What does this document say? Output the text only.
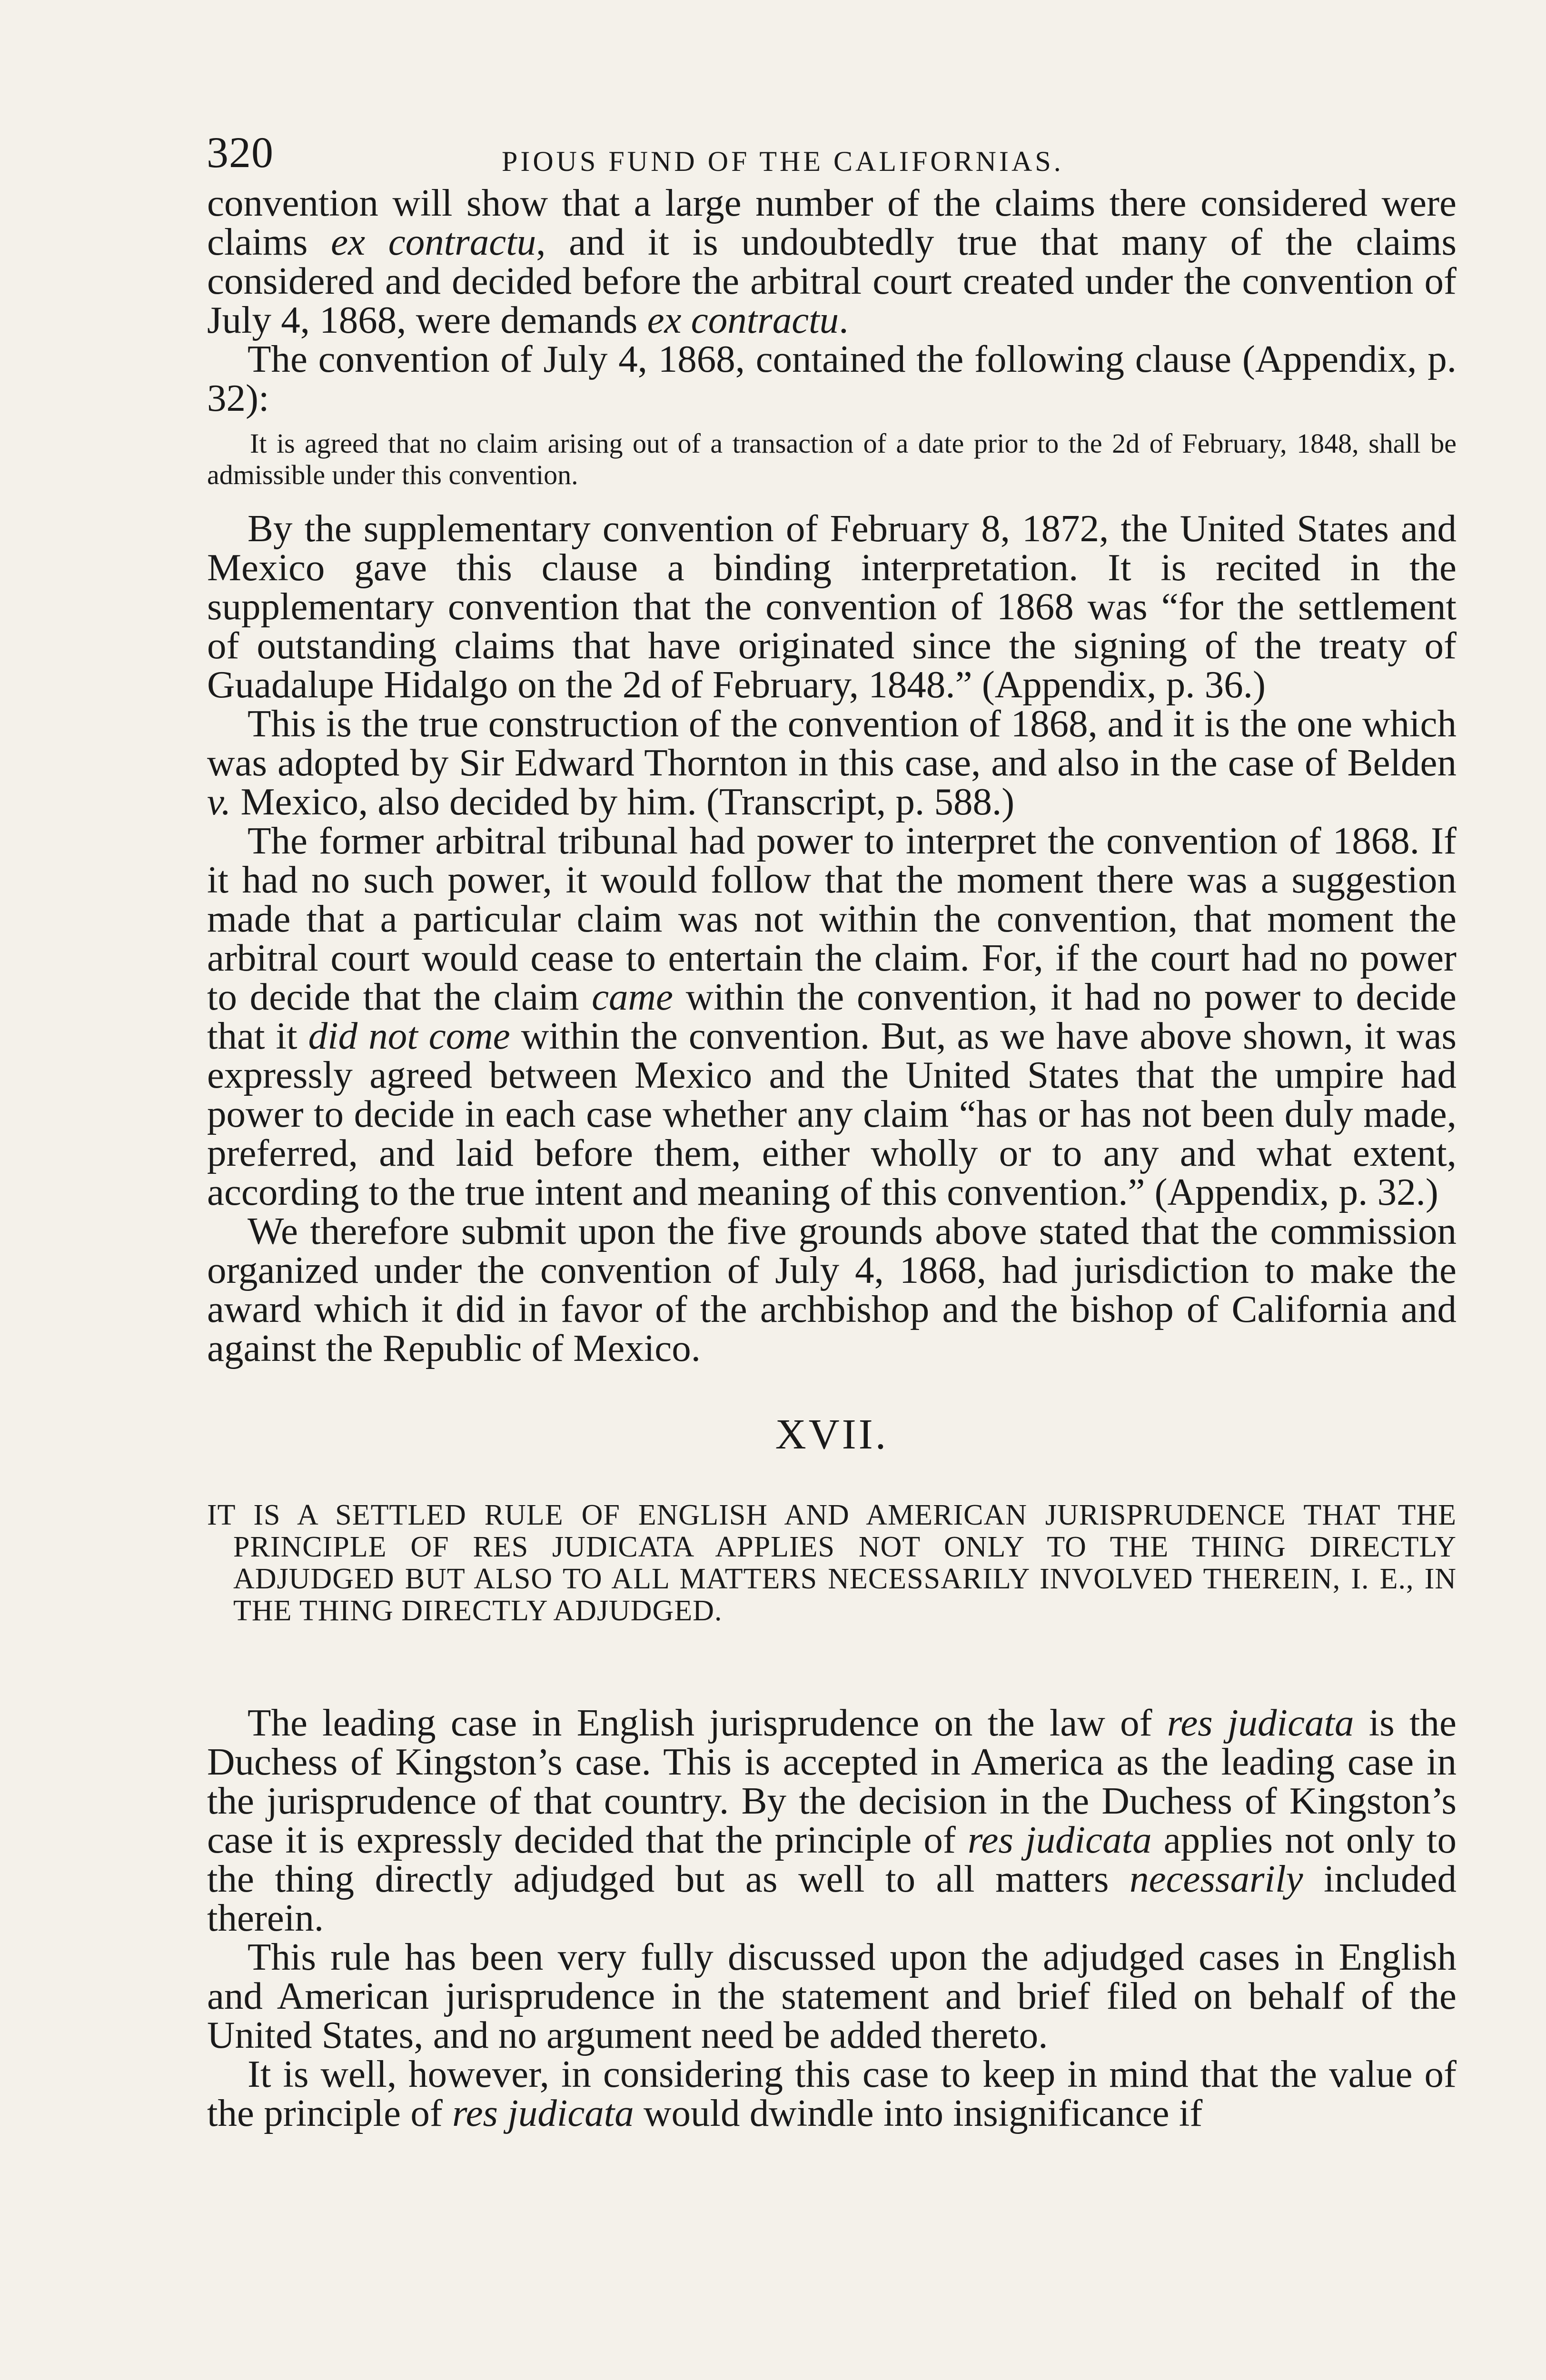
320	PIOUS FUND OF THE CALIFORNIAS.

convention will show that a large number of the claims there considered were claims ex contractu, and it is undoubtedly true that many of the claims considered and decided before the arbitral court created under the convention of July 4, 1868, were demands ex contractu.

The convention of July 4, 1868, contained the following clause (Appendix, p. 32):

It is agreed that no claim arising out of a transaction of a date prior to the 2d of February, 1848, shall be admissible under this convention.

By the supplementary convention of February 8, 1872, the United States and Mexico gave this clause a binding interpretation. It is recited in the supplementary convention that the convention of 1868 was “for the settlement of outstanding claims that have originated since the signing of the treaty of Guadalupe Hidalgo on the 2d of February, 1848.” (Appendix, p. 36.)

This is the true construction of the convention of 1868, and it is the one which was adopted by Sir Edward Thornton in this case, and also in the case of Belden v. Mexico, also decided by him. (Transcript, p. 588.)

The former arbitral tribunal had power to interpret the convention of 1868. If it had no such power, it would follow that the moment there was a suggestion made that a particular claim was not within the convention, that moment the arbitral court would cease to entertain the claim. For, if the court had no power to decide that the claim came within the convention, it had no power to decide that it did not come within the convention. But, as we have above shown, it was expressly agreed between Mexico and the United States that the umpire had power to decide in each case whether any claim “has or has not been duly made, preferred, and laid before them, either wholly or to any and what extent, according to the true intent and meaning of this convention.” (Appendix, p. 32.)

We therefore submit upon the five grounds above stated that the commission organized under the convention of July 4, 1868, had jurisdiction to make the award which it did in favor of the archbishop and the bishop of California and against the Republic of Mexico.

XVII.

IT IS A SETTLED RULE OF ENGLISH AND AMERICAN JURISPRUDENCE THAT THE PRINCIPLE OF RES JUDICATA APPLIES NOT ONLY TO THE THING DIRECTLY ADJUDGED BUT ALSO TO ALL MATTERS NECESSARILY INVOLVED THEREIN, I. E., IN THE THING DIRECTLY ADJUDGED.

The leading case in English jurisprudence on the law of res judicata is the Duchess of Kingston’s case. This is accepted in America as the leading case in the jurisprudence of that country. By the decision in the Duchess of Kingston’s case it is expressly decided that the principle of res judicata applies not only to the thing directly adjudged but as well to all matters necessarily included therein.

This rule has been very fully discussed upon the adjudged cases in English and American jurisprudence in the statement and brief filed on behalf of the United States, and no argument need be added thereto.

It is well, however, in considering this case to keep in mind that the value of the principle of res judicata would dwindle into insignificance if
